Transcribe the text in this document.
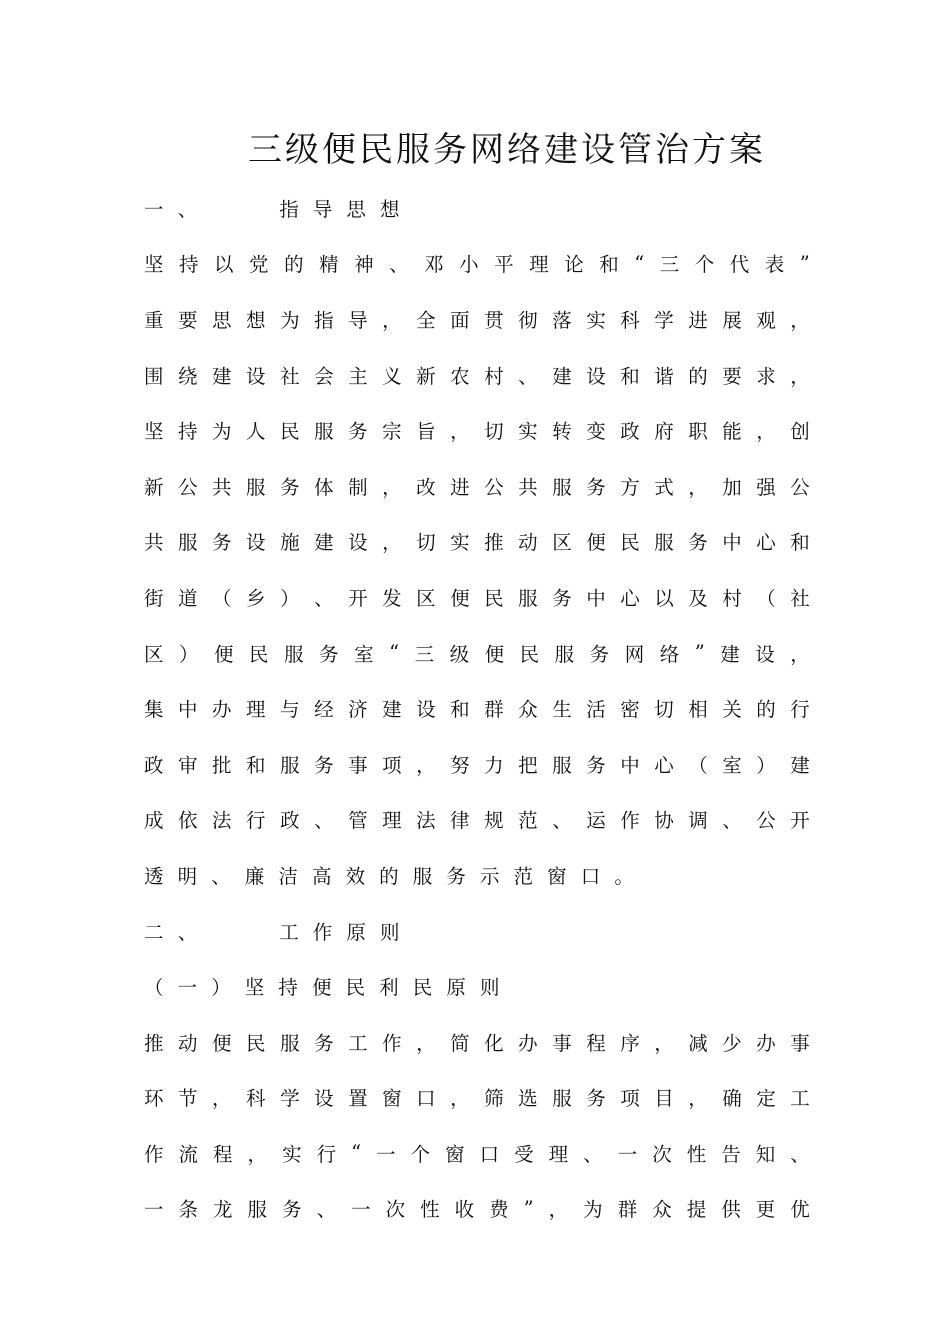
三级便民服务网络建设管治方案
一 、

	指 导 思 想
坚 持 以 党 的 精 神 、 邓 小 平 理 论 和 “ 三 个 代 表 ”
重 要 思 想 为 指 导 ， 全 面 贯 彻 落 实 科 学 进 展 观 ，
围 绕 建 设 社 会 主 义 新 农 村 、 建 设 和 谐 的 要 求 ，
坚 持 为 人 民 服 务 宗 旨 ， 切 实 转 变 政 府 职 能 ， 创
新 公 共 服 务 体 制 ， 改 进 公 共 服 务 方 式 ， 加 强 公
共 服 务 设 施 建 设 ， 切 实 推 动 区 便 民 服 务 中 心 和
街 道 （ 乡 ） 、 开 发 区 便 民 服 务 中 心 以 及 村 （ 社
区 ） 便 民 服 务 室 “ 三 级 便 民 服 务 网 络 ” 建 设 ，
集 中 办 理 与 经 济 建 设 和 群 众 生 活 密 切 相 关 的 行
政 审 批 和 服 务 事 项 ， 努 力 把 服 务 中 心 （ 室 ） 建
成 依 法 行 政 、 管 理 法 律 规 范 、 运 作 协 调 、 公 开
透 明 、 廉 洁 高 效 的 服 务 示 范 窗 口 。
二 、

	工 作 原 则
（ 一 ） 坚 持 便 民 利 民 原 则
推 动 便 民 服 务 工 作 ， 简 化 办 事 程 序 ， 减 少 办 事
环 节 ， 科 学 设 置 窗 口 ， 筛 选 服 务 项 目 ， 确 定 工
作 流 程 ， 实 行 “ 一 个 窗 口 受 理 、 一 次 性 告 知 、
一 条 龙 服 务 、 一 次 性 收 费 ” ， 为 群 众 提 供 更 优
